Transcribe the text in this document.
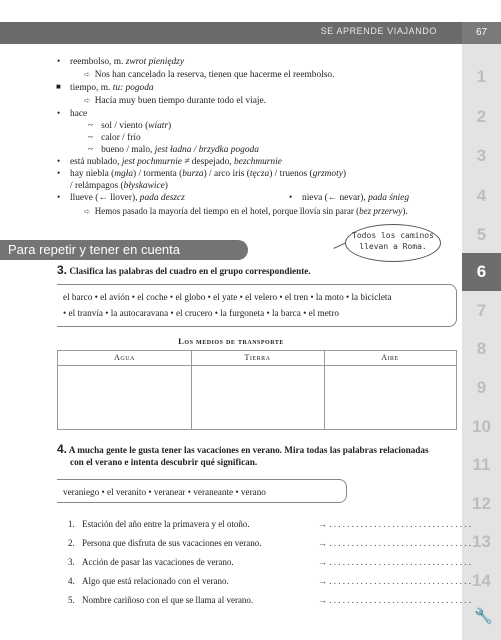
SE APRENDE VIAJANDO	67
1
2
3
4
5
6
7
8
9
10
11
12
13
14
🔧
• reembolso, m. zwrot pieniędzy
➪ Nos han cancelado la reserva, tienen que hacerme el reembolso.
■ tiempo, m. tu: pogoda
➪ Hacía muy buen tiempo durante todo el viaje.
• hace
~ sol / viento (wiatr)
~ calor / frío
~ bueno / malo, jest ładna / brzydka pogoda
• está nublado, jest pochmurnie ≠ despejado, bezchmurnie
• hay niebla (mgła) / tormenta (burza) / arco iris (tęcza) / truenos (grzmoty)
/ relámpagos (błyskawice)
• llueve (← llover), pada deszcz	• nieva (← nevar), pada śnieg
➪ Hemos pasado la mayoría del tiempo en el hotel, porque llovía sin parar (bez przerwy).
Para repetir y tener en cuenta
Todos los caminos
llevan a Roma.
3. Clasifica las palabras del cuadro en el grupo correspondiente.
el barco • el avión • el coche • el globo • el yate • el velero • el tren • la moto • la bicicleta
• el tranvía • la autocaravana • el crucero • la furgoneta • la barca • el metro
Los medios de transporte
Agua	Tierra	Aire
4. A mucha gente le gusta tener las vacaciones en verano. Mira todas las palabras relacionadas
con el verano e intenta descubrir qué significan.
veraniego • el veranito • veranear • veraneante • verano
1. Estación del año entre la primavera y el otoño.	→ . . . . . . . . . . . . . . . . . . . . . . . . . . . . . . . .
2. Persona que disfruta de sus vacaciones en verano.	→ . . . . . . . . . . . . . . . . . . . . . . . . . . . . . . . .
3. Acción de pasar las vacaciones de verano.	→ . . . . . . . . . . . . . . . . . . . . . . . . . . . . . . . .
4. Algo que está relacionado con el verano.	→ . . . . . . . . . . . . . . . . . . . . . . . . . . . . . . . .
5. Nombre cariñoso con el que se llama al verano.	→ . . . . . . . . . . . . . . . . . . . . . . . . . . . . . . . .
